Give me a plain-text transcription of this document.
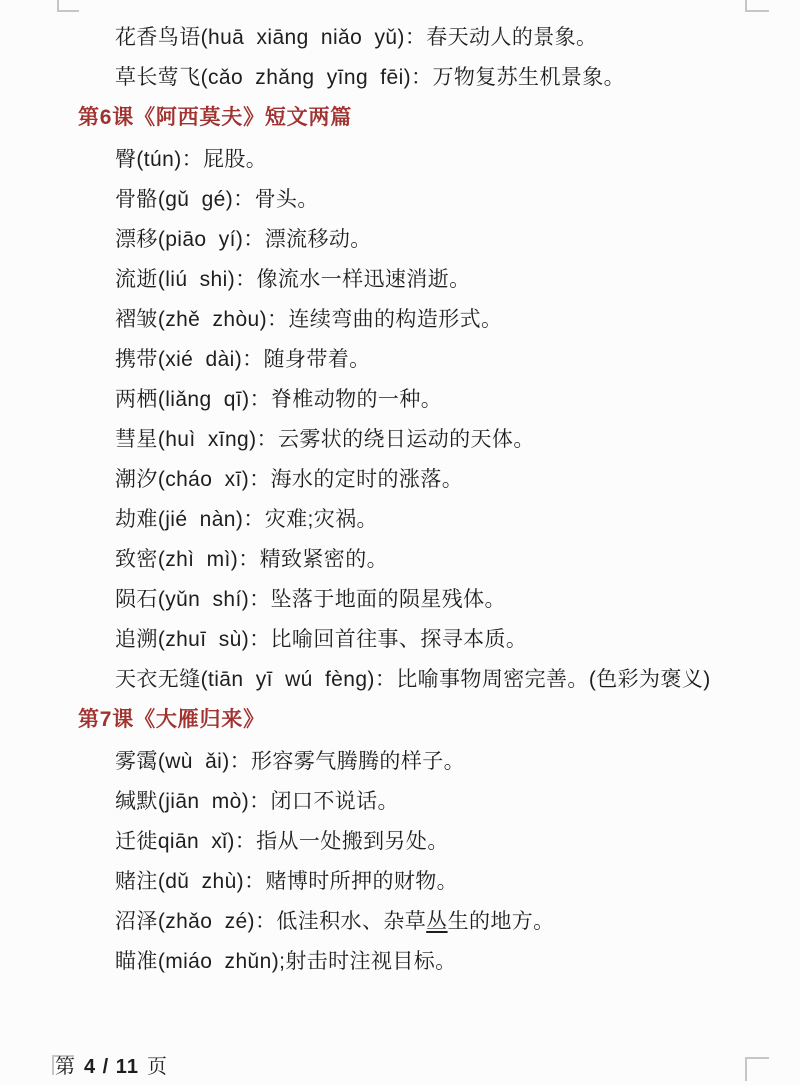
花香鸟语(huā xiāng niǎo yǔ)：春天动人的景象。

草长莺飞(cǎo zhǎng yīng fēi)：万物复苏生机景象。

第6课《阿西莫夫》短文两篇

臀(tún)：屁股。

骨骼(gǔ gé)：骨头。

漂移(piāo yí)：漂流移动。

流逝(liú shi)：像流水一样迅速消逝。

褶皱(zhě zhòu)：连续弯曲的构造形式。

携带(xié dài)：随身带着。

两栖(liǎng qī)：脊椎动物的一种。

彗星(huì xīng)：云雾状的绕日运动的天体。

潮汐(cháo xī)：海水的定时的涨落。

劫难(jié nàn)：灾难;灾祸。

致密(zhì mì)：精致紧密的。

陨石(yǔn shí)：坠落于地面的陨星残体。

追溯(zhuī sù)：比喻回首往事、探寻本质。

天衣无缝(tiān yī wú fèng)：比喻事物周密完善。(色彩为褒义)

第7课《大雁归来》

雾霭(wù ǎi)：形容雾气腾腾的样子。

缄默(jiān mò)：闭口不说话。

迁徙qiān xǐ)：指从一处搬到另处。

赌注(dǔ zhù)：赌博时所押的财物。

沼泽(zhǎo zé)：低洼积水、杂草丛生的地方。

瞄准(miáo zhǔn);射击时注视目标。

第 4 / 11 页
